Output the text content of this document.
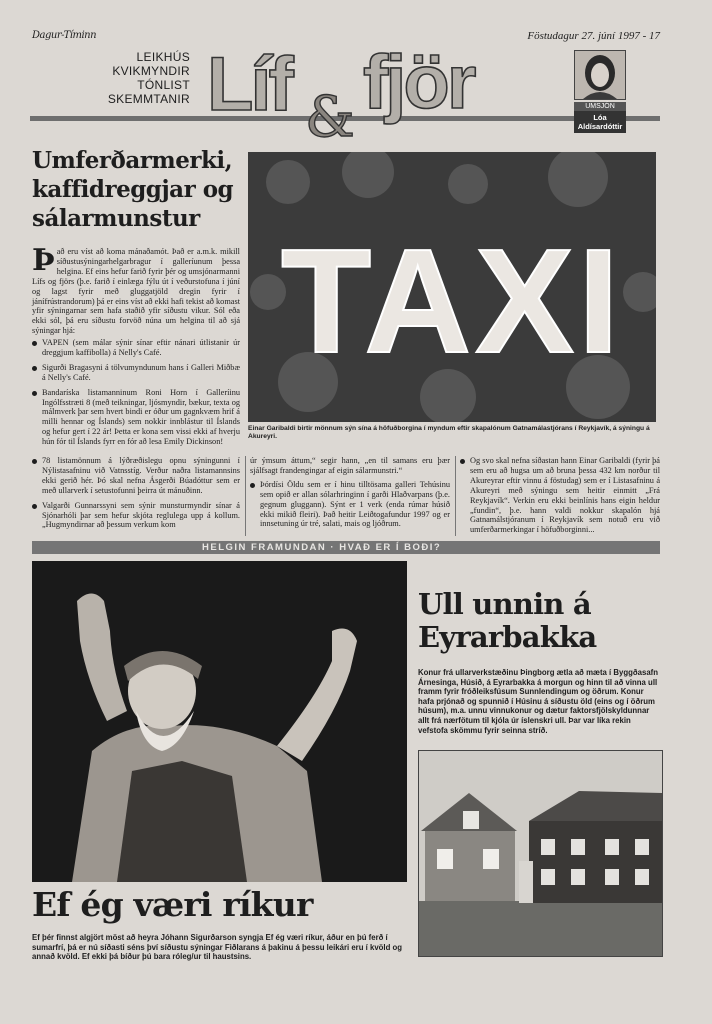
Dagur-Tíminn	Föstudagur 27. júní 1997 - 17
LEIKHÚS
KVIKMYNDIR
TÓNLIST
SKEMMTANIR Líf fjör
&	UMSJÓN
Lóa
Aldísardóttir
Umferðarmerki, kaffidreggjar og sálarmunstur
Það eru víst að koma mánaðamót. Það er a.m.k. mikill síðustusýningarhelgarbragur í galleríunum þessa helgina. Ef eins hefur farið fyrir þér og umsjónarmanni Lífs og fjörs (þ.e. farið í einlæga fýlu út í veðurstofuna í júní og lagst fyrir með gluggatjöld dregin fyrir í jánífrústrandorum) þá er eins víst að ekki hafi tekist að komast yfir sýningarnar sem hafa staðið yfir síðustu vikur. Sól eða ekki sól, þá eru síðustu forvöð núna um helgina til að sjá sýningar hjá:
VAPEN (sem málar sýnir sínar eftir nánari útlistanir úr dreggjum kaffibolla) á Nelly's Café.
Sigurði Bragasyni á tölvumyndunum hans í Galleri Miðbæ á Nelly's Café.
Bandaríska listamanninum Roni Horn í Galleríinu Ingólfsstræti 8 (með teikningar, ljósmyndir, bækur, texta og málmverk þar sem hvert bindi er óður um gagnkvæm hrif á milli hennar og Íslands) sem nokkir innblástur til Íslands og hefur gert í 22 ár! Þetta er kona sem vissi ekki af hverju hún fór til Íslands fyrr en fór að lesa Emily Dickinson!
TAXI
Einar Garibaldi birtir mönnum sýn sína á höfuðborgina í myndum eftir skapalónum Gatnamálastjórans í Reykjavík, á sýningu á Akureyri.
78 listamönnum á lýðræðislegu opnu sýningunni í Nýlistasafninu við Vatnsstíg. Verður naðra listamannsins ekki gerið hér. Þó skal nefna Ásgerði Búadóttur sem er með ullarverk í setustofunni þeirra út mánuðinn.
Valgarði Gunnarssyni sem sýnir munsturmyndir sínar á Sjónarhóli þar sem hefur skjóta reglulega upp á kollum. „Hugmyndirnar að þessum verkum kom
úr ýmsum áttum,“ segir hann, „en til samans eru þær sjálfsagt frandengingar af eigin sálarmunstri.“
Þórdísi Öldu sem er í hinu tilltösama galleri Tehúsinu sem opið er allan sólarhringinn í garði Hlaðvarpans (þ.e. gegnum gluggann). Sýnt er 1 verk (enda rúmar húsið ekki mikið fleiri). Það heitir Leiðtogafundur 1997 og er innsetuning úr tré, salati, mais og ljóðrum.
Og svo skal nefna síðastan hann Einar Garibaldi (fyrir þá sem eru að hugsa um að bruna þessa 432 km norður til Akureyrar eftir vinnu á föstudag) sem er í Listasafninu á Akureyri með sýningu sem heitir einmitt „Frá Reykjavík“. Verkin eru ekki beinlínis hans eigin heldur „fundin“, þ.e. hann valdi nokkur skapalón hjá Gatnamálstjóranum í Reykjavík sem notuð eru við umferðarmerkingar í höfuðborginni...
HELGIN FRAMUNDAN · HVAÐ ER Í BOÐI?
Ull unnin á Eyrarbakka
Konur frá ullarverkstæðinu Þingborg ætla að mæta í Byggðasafn Árnesinga, Húsið, á Eyrarbakka á morgun og hinn til að vinna ull framm fyrir fróðleiksfúsum Sunnlendingum og öðrum. Konur hafa prjónað og spunnið í Húsinu á síðustu öld (eins og í öðrum húsum), m.a. unnu vinnukonur og dætur faktorsfjölskyldunnar allt frá nærfötum til kjóla úr íslenskri ull. Þar var líka rekin vefstofa skömmu fyrir seinna stríð.
Ef ég væri ríkur
Ef þér finnst algjört möst að heyra Jóhann Sigurðarson syngja Ef ég væri ríkur, áður en þú ferð í sumarfrí, þá er nú síðasti séns því síðustu sýningar Fiðlarans á þakinu á þessu leikári eru í kvöld og annað kvöld. Ef ekki þá bíður þú bara róleg/ur til haustsins.
